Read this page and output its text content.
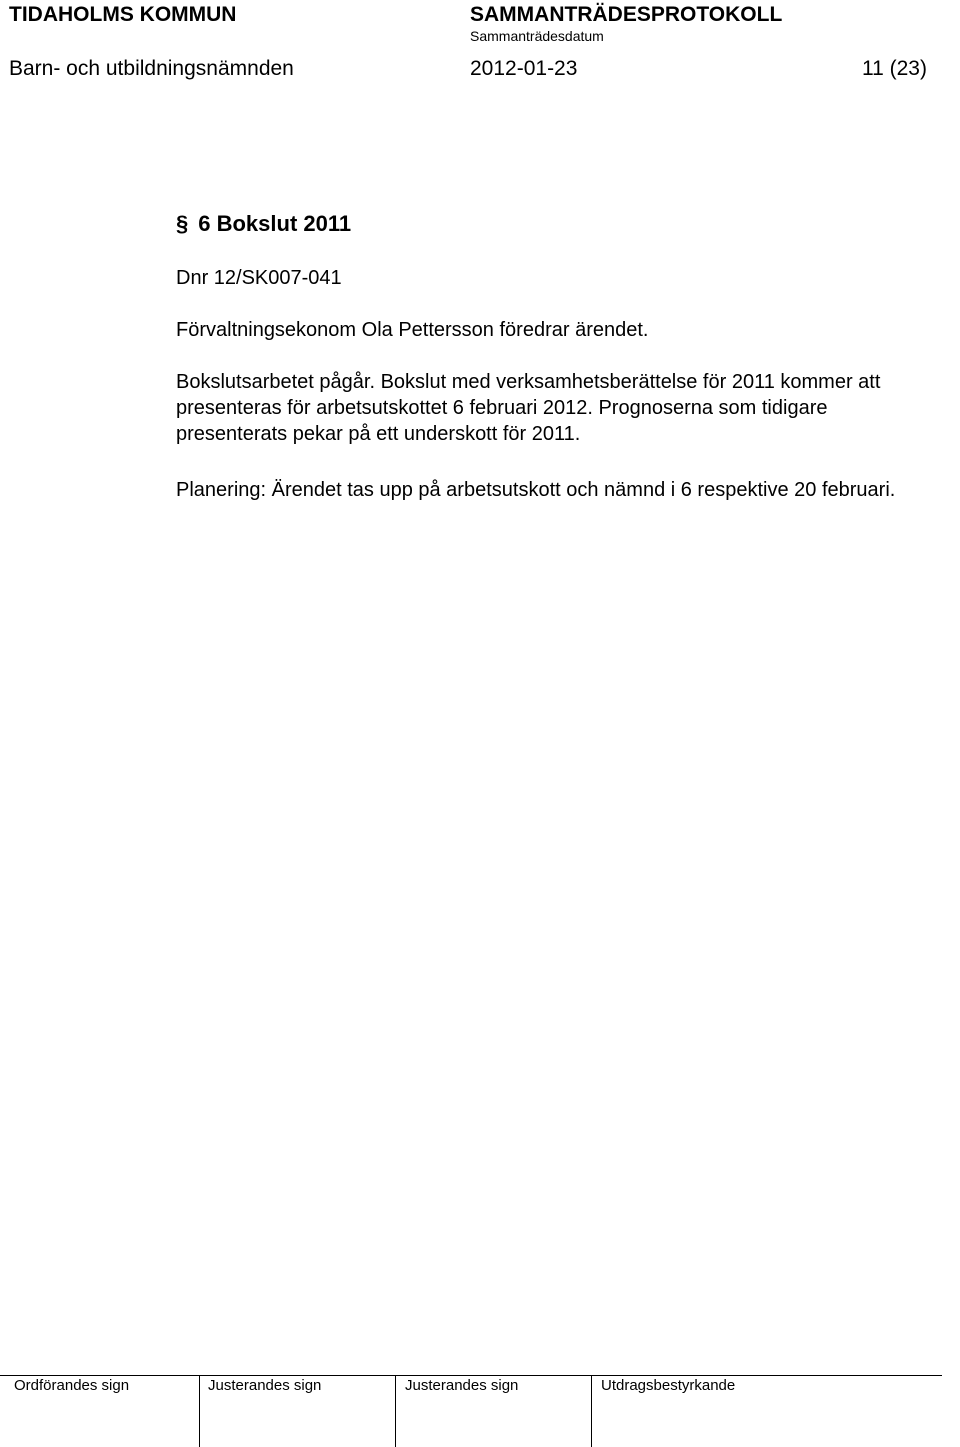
TIDAHOLMS KOMMUN	SAMMANTRÄDESPROTOKOLL
Sammanträdesdatum
Barn- och utbildningsnämnden	2012-01-23	11 (23)
§ 6 Bokslut 2011
Dnr 12/SK007-041
Förvaltningsekonom Ola Pettersson föredrar ärendet.

Bokslutsarbetet pågår. Bokslut med verksamhetsberättelse för 2011 kommer att presenteras för arbetsutskottet 6 februari 2012. Prognoserna som tidigare presenterats pekar på ett underskott för 2011.

Planering: Ärendet tas upp på arbetsutskott och nämnd i 6 respektive 20 februari.

Ordförandes sign	Justerandes sign	Justerandes sign	Utdragsbestyrkande
